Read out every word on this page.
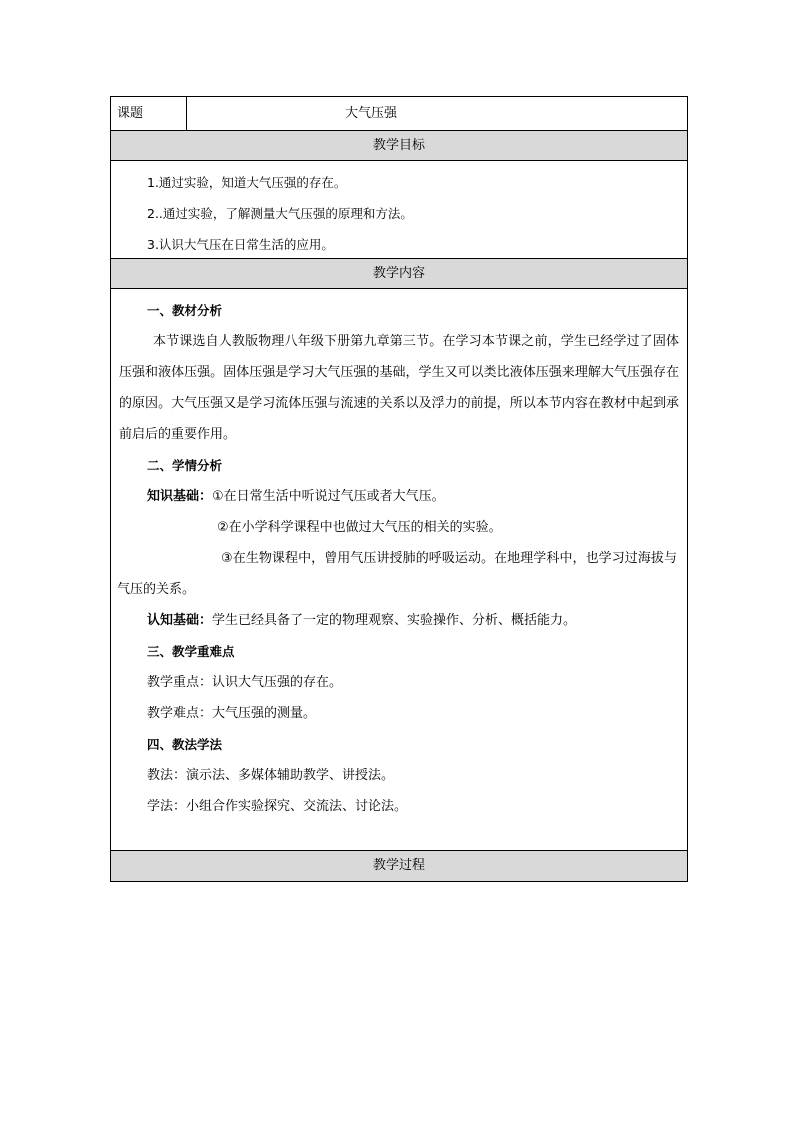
课题	大气压强
教学目标
1.通过实验，知道大气压强的存在。
2..通过实验，了解测量大气压强的原理和方法。
3.认识大气压在日常生活的应用。
教学内容
一、教材分析
本节课选自人教版物理八年级下册第九章第三节。在学习本节课之前，学生已经学过了固体压强和液体压强。固体压强是学习大气压强的基础，学生又可以类比液体压强来理解大气压强存在的原因。大气压强又是学习流体压强与流速的关系以及浮力的前提，所以本节内容在教材中起到承前启后的重要作用。
二、学情分析
知识基础：①在日常生活中听说过气压或者大气压。
②在小学科学课程中也做过大气压的相关的实验。
③在生物课程中，曾用气压讲授肺的呼吸运动。在地理学科中，也学习过海拔与气压的关系。
认知基础：学生已经具备了一定的物理观察、实验操作、分析、概括能力。
三、教学重难点
教学重点：认识大气压强的存在。
教学难点：大气压强的测量。
四、教法学法
教法：演示法、多媒体辅助教学、讲授法。
学法：小组合作实验探究、交流法、讨论法。
教学过程
